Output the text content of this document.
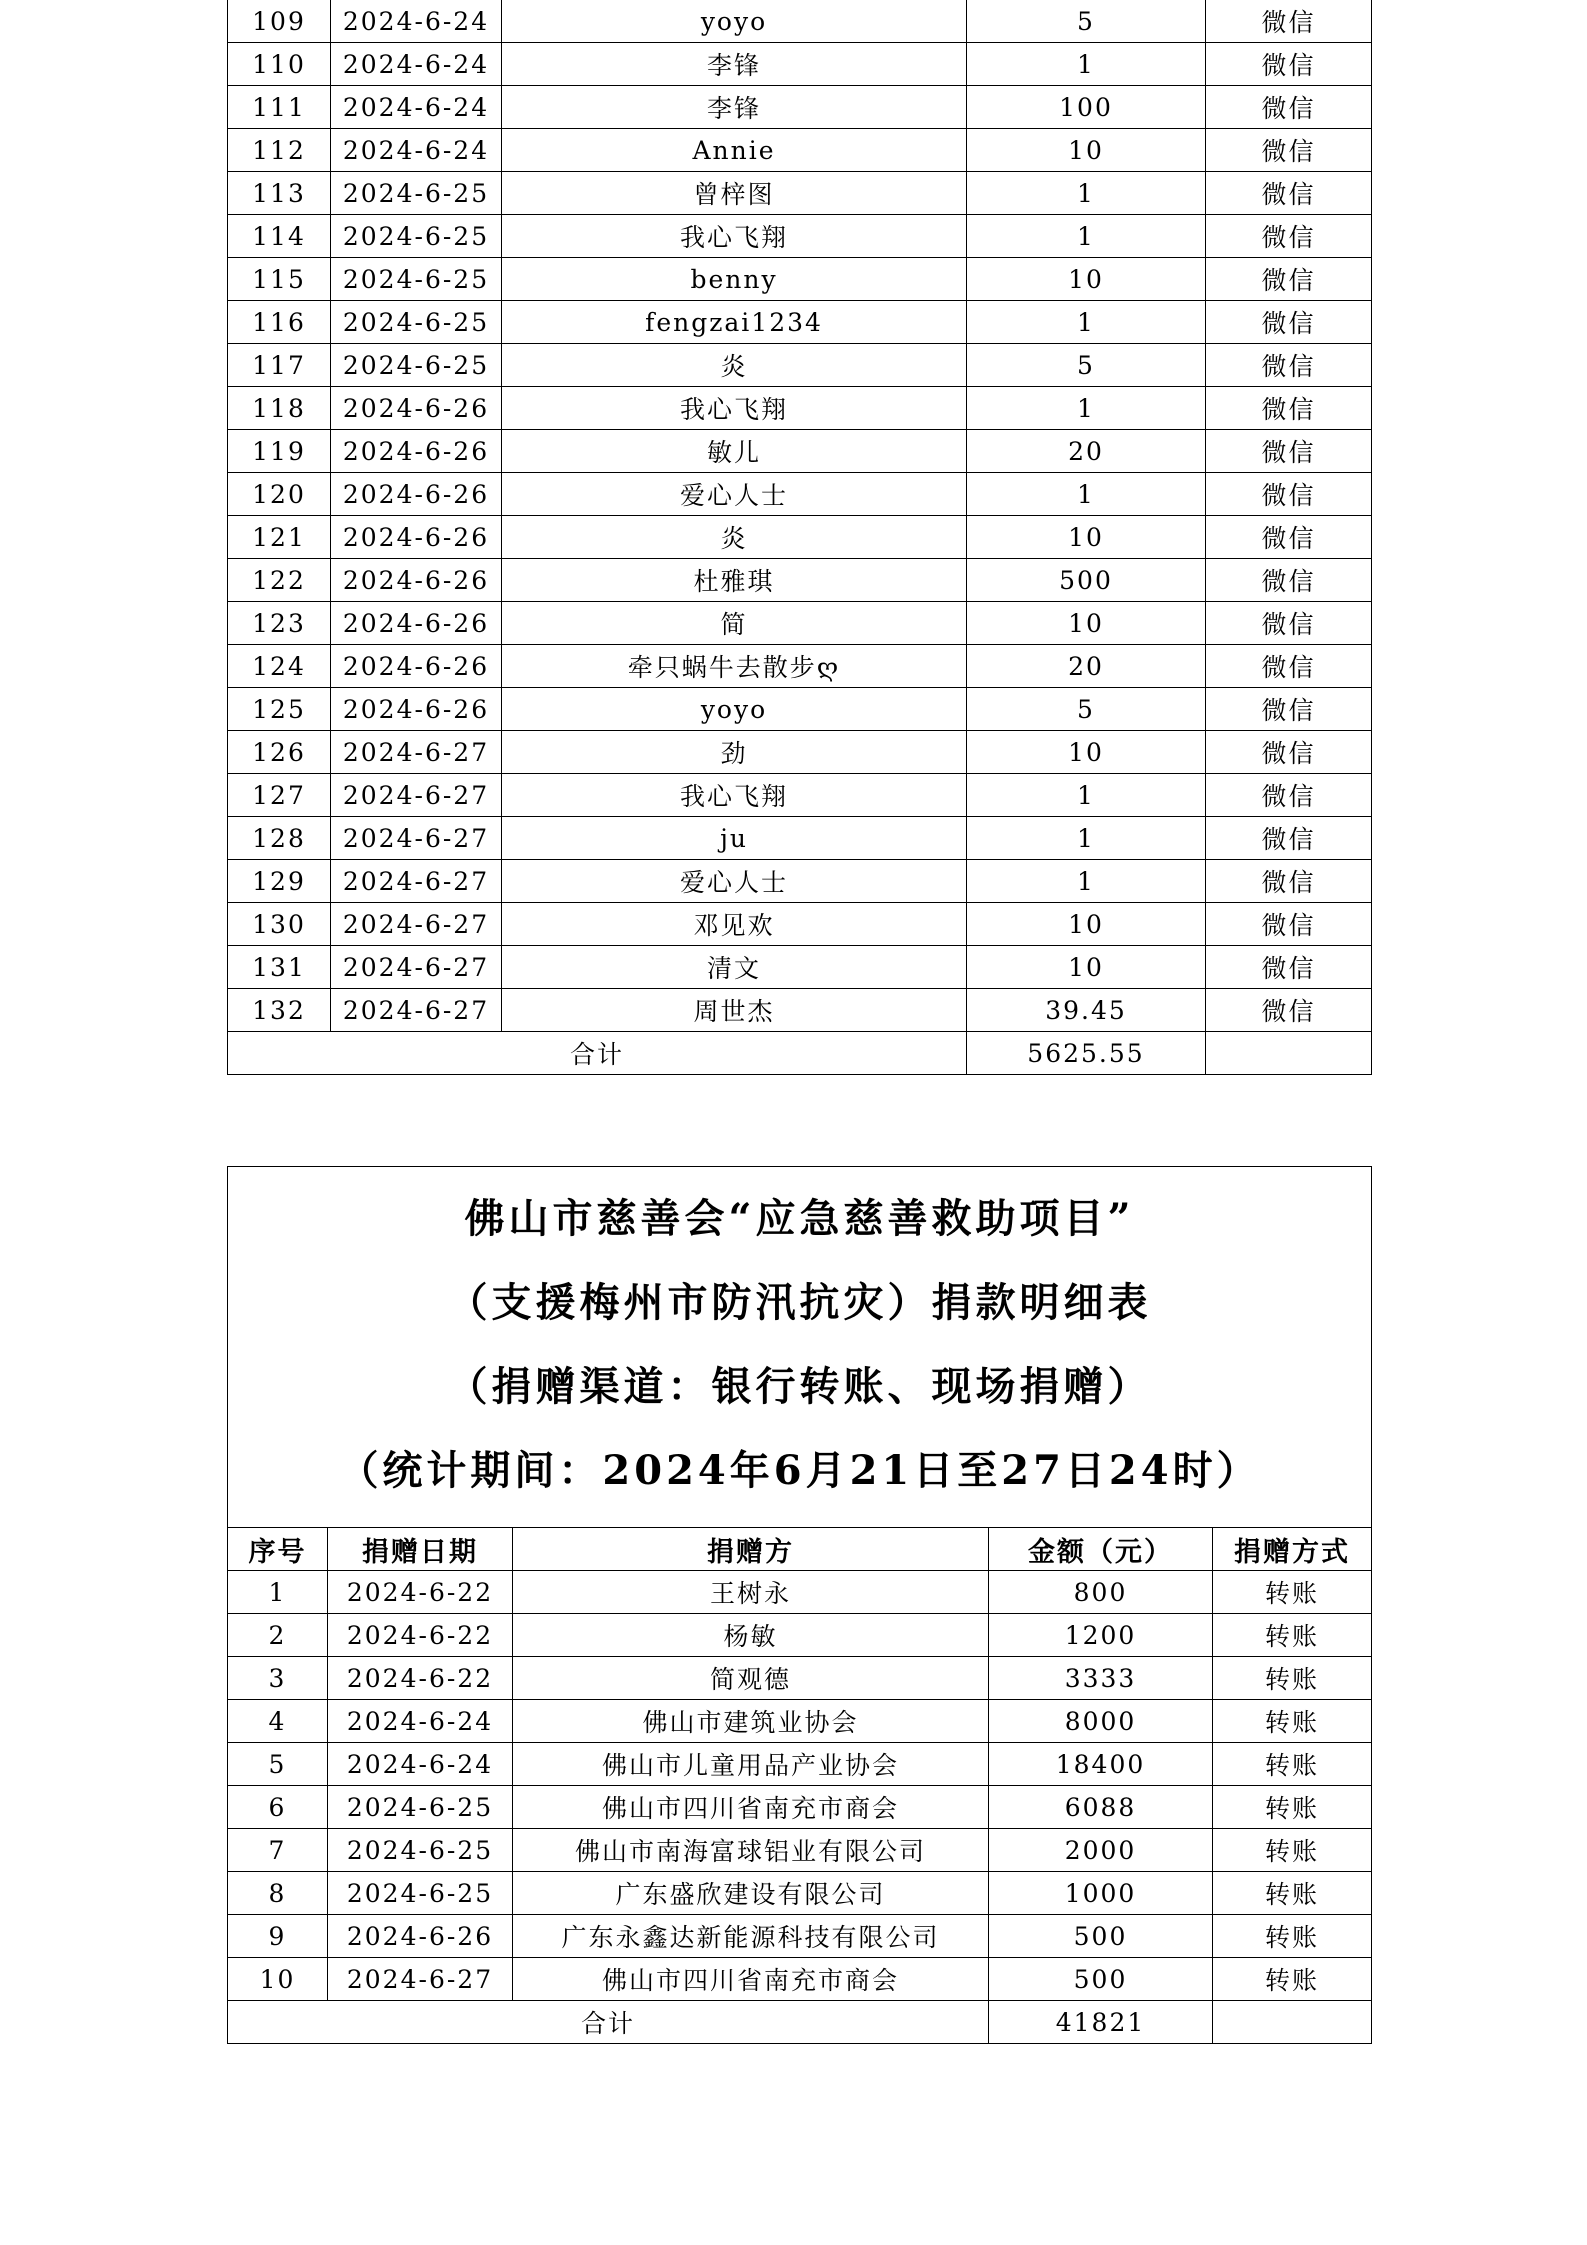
109	2024-6-24	yoyo	5	微信
110	2024-6-24	李锋	1	微信
111	2024-6-24	李锋	100	微信
112	2024-6-24	Annie	10	微信
113	2024-6-25	曾梓图	1	微信
114	2024-6-25	我心飞翔	1	微信
115	2024-6-25	benny	10	微信
116	2024-6-25	fengzai1234	1	微信
117	2024-6-25	炎	5	微信
118	2024-6-26	我心飞翔	1	微信
119	2024-6-26	敏儿	20	微信
120	2024-6-26	爱心人士	1	微信
121	2024-6-26	炎	10	微信
122	2024-6-26	杜雅琪	500	微信
123	2024-6-26	简	10	微信
124	2024-6-26	牵只蜗牛去散步ღ	20	微信
125	2024-6-26	yoyo	5	微信
126	2024-6-27	劲	10	微信
127	2024-6-27	我心飞翔	1	微信
128	2024-6-27	ju	1	微信
129	2024-6-27	爱心人士	1	微信
130	2024-6-27	邓见欢	10	微信
131	2024-6-27	清文	10	微信
132	2024-6-27	周世杰	39.45	微信
合计			5625.55	
佛山市慈善会“应急慈善救助项目”
（支援梅州市防汛抗灾）捐款明细表
（捐赠渠道：银行转账、现场捐赠）
（统计期间：2024年6月21日至27日24时）				

序号	捐赠日期	捐赠方	金额（元）	捐赠方式
1	2024-6-22	王树永	800	转账
2	2024-6-22	杨敏	1200	转账
3	2024-6-22	简观德	3333	转账
4	2024-6-24	佛山市建筑业协会	8000	转账
5	2024-6-24	佛山市儿童用品产业协会	18400	转账
6	2024-6-25	佛山市四川省南充市商会	6088	转账
7	2024-6-25	佛山市南海富球铝业有限公司	2000	转账
8	2024-6-25	广东盛欣建设有限公司	1000	转账
9	2024-6-26	广东永鑫达新能源科技有限公司	500	转账
10	2024-6-27	佛山市四川省南充市商会	500	转账
合计			41821	
